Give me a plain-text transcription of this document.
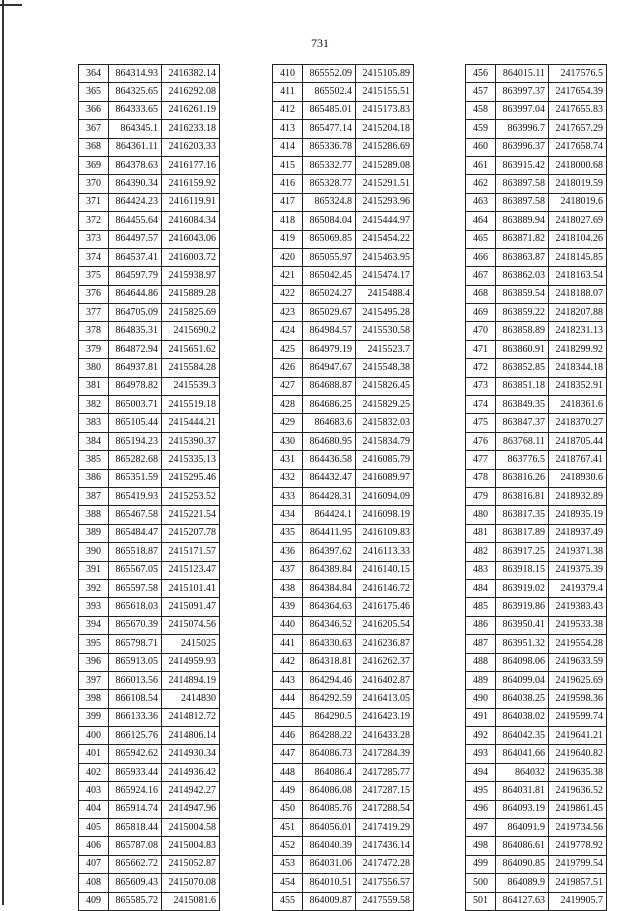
731
364	864314.93	2416382.14
365	864325.65	2416292.08
366	864333.65	2416261.19
367	864345.1	2416233.18
368	864361.11	2416203.33
369	864378.63	2416177.16
370	864390.34	2416159.92
371	864424.23	2416119.91
372	864455.64	2416084.34
373	864497.57	2416043.06
374	864537.41	2416003.72
375	864597.79	2415938.97
376	864644.86	2415889.28
377	864705.09	2415825.69
378	864835.31	2415690.2
379	864872.94	2415651.62
380	864937.81	2415584.28
381	864978.82	2415539.3
382	865003.71	2415519.18
383	865105.44	2415444.21
384	865194.23	2415390.37
385	865282.68	2415335.13
386	865351.59	2415295.46
387	865419.93	2415253.52
388	865467.58	2415221.54
389	865484.47	2415207.78
390	865518.87	2415171.57
391	865567.05	2415123.47
392	865597.58	2415101.41
393	865618.03	2415091.47
394	865670.39	2415074.56
395	865798.71	2415025
396	865913.05	2414959.93
397	866013.56	2414894.19
398	866108.54	2414830
399	866133.36	2414812.72
400	866125.76	2414806.14
401	865942.62	2414930.34
402	865933.44	2414936.42
403	865924.16	2414942.27
404	865914.74	2414947.96
405	865818.44	2415004.58
406	865787.08	2415004.83
407	865662.72	2415052.87
408	865609.43	2415070.08
409	865585.72	2415081.6
410	865552.09	2415105.89
411	865502.4	2415155.51
412	865485.01	2415173.83
413	865477.14	2415204.18
414	865336.78	2415286.69
415	865332.77	2415289.08
416	865328.77	2415291.51
417	865324.8	2415293.96
418	865084.04	2415444.97
419	865069.85	2415454.22
420	865055.97	2415463.95
421	865042.45	2415474.17
422	865024.27	2415488.4
423	865029.67	2415495.28
424	864984.57	2415530.58
425	864979.19	2415523.7
426	864947.67	2415548.38
427	864688.87	2415826.45
428	864686.25	2415829.25
429	864683.6	2415832.03
430	864680.95	2415834.79
431	864436.58	2416085.79
432	864432.47	2416089.97
433	864428.31	2416094.09
434	864424.1	2416098.19
435	864411.95	2416109.83
436	864397.62	2416113.33
437	864389.84	2416140.15
438	864384.84	2416146.72
439	864364.63	2416175.46
440	864346.52	2416205.54
441	864330.63	2416236.87
442	864318.81	2416262.37
443	864294.46	2416402.87
444	864292.59	2416413.05
445	864290.5	2416423.19
446	864288.22	2416433.28
447	864086.73	2417284.39
448	864086.4	2417285.77
449	864086.08	2417287.15
450	864085.76	2417288.54
451	864056.01	2417419.29
452	864040.39	2417436.14
453	864031.06	2417472.28
454	864010.51	2417556.57
455	864009.87	2417559.58
456	864015.11	2417576.5
457	863997.37	2417654.39
458	863997.04	2417655.83
459	863996.7	2417657.29
460	863996.37	2417658.74
461	863915.42	2418000.68
462	863897.58	2418019.59
463	863897.58	2418019.6
464	863889.94	2418027.69
465	863871.82	2418104.26
466	863863.87	2418145.85
467	863862.03	2418163.54
468	863859.54	2418188.07
469	863859.22	2418207.88
470	863858.89	2418231.13
471	863860.91	2418299.92
472	863852.85	2418344.18
473	863851.18	2418352.91
474	863849.35	2418361.6
475	863847.37	2418370.27
476	863768.11	2418705.44
477	863776.5	2418767.41
478	863816.26	2418930.6
479	863816.81	2418932.89
480	863817.35	2418935.19
481	863817.89	2418937.49
482	863917.25	2419371.38
483	863918.15	2419375.39
484	863919.02	2419379.4
485	863919.86	2419383.43
486	863950.41	2419533.38
487	863951.32	2419554.28
488	864098.06	2419633.59
489	864099.04	2419625.69
490	864038.25	2419598.36
491	864038.02	2419599.74
492	864042.35	2419641.21
493	864041.66	2419640.82
494	864032	2419635.38
495	864031.81	2419636.52
496	864093.19	2419861.45
497	864091.9	2419734.56
498	864086.61	2419778.92
499	864090.85	2419799.54
500	864089.9	2419857.51
501	864127.63	2419905.7
